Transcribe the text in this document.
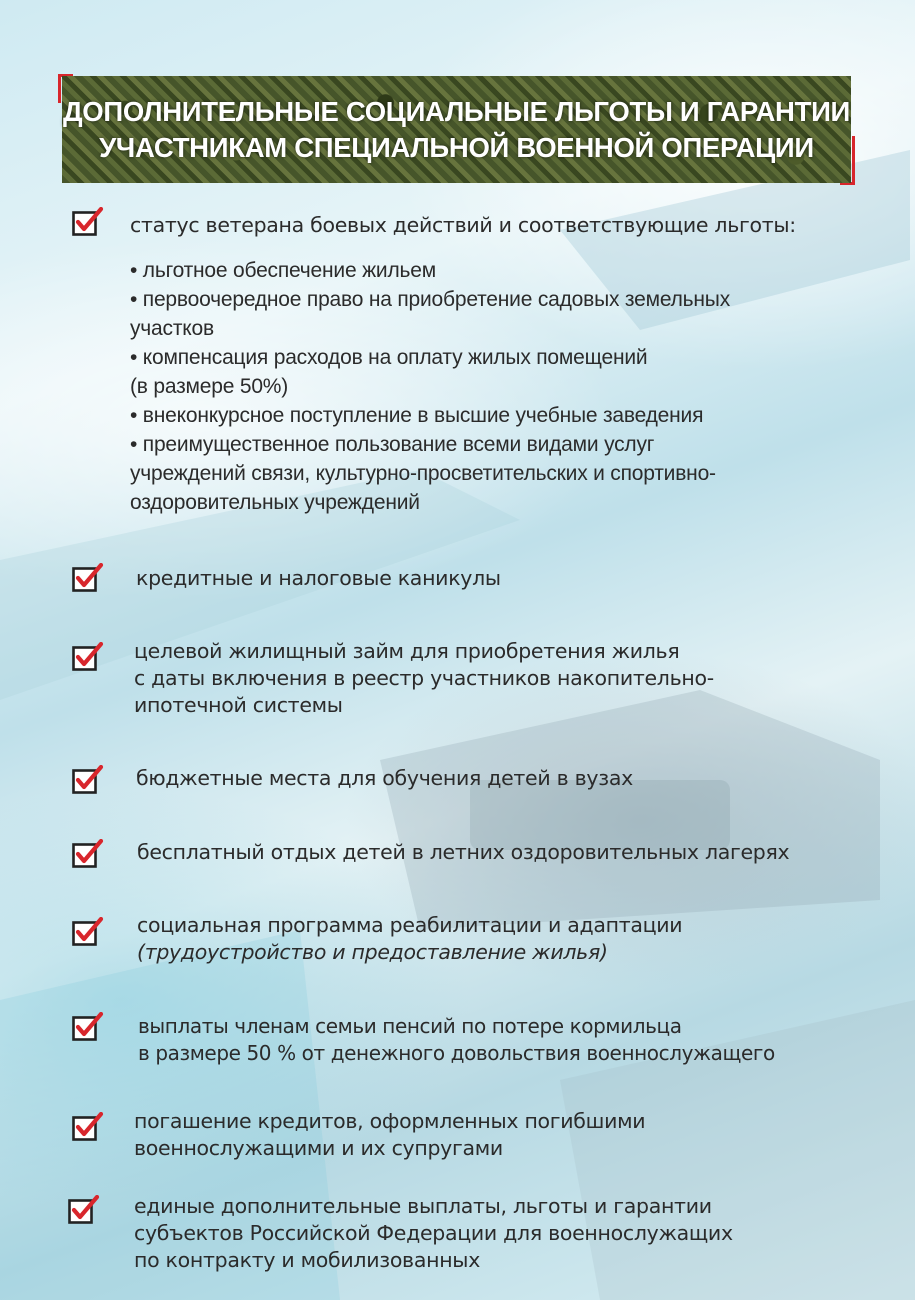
ДОПОЛНИТЕЛЬНЫЕ СОЦИАЛЬНЫЕ ЛЬГОТЫ И ГАРАНТИИ
УЧАСТНИКАМ СПЕЦИАЛЬНОЙ ВОЕННОЙ ОПЕРАЦИИ
статус ветерана боевых действий и соответствующие льготы:
• льготное обеспечение жильем
• первоочередное право на приобретение садовых земельных
участков
• компенсация расходов на оплату жилых помещений
(в размере 50%)
• внеконкурсное поступление в высшие учебные заведения
• преимущественное пользование всеми видами услуг
учреждений связи, культурно-просветительских и спортивно-
оздоровительных учреждений
кредитные и налоговые каникулы
целевой жилищный займ для приобретения жилья
с даты включения в реестр участников накопительно-
ипотечной системы
бюджетные места для обучения детей в вузах
бесплатный отдых детей в летних оздоровительных лагерях
социальная программа реабилитации и адаптации
(трудоустройство и предоставление жилья)
выплаты членам семьи пенсий по потере кормильца
в размере 50 % от денежного довольствия военнослужащего
погашение кредитов, оформленных погибшими
военнослужащими и их супругами
единые дополнительные выплаты, льготы и гарантии
субъектов Российской Федерации для военнослужащих
по контракту и мобилизованных
